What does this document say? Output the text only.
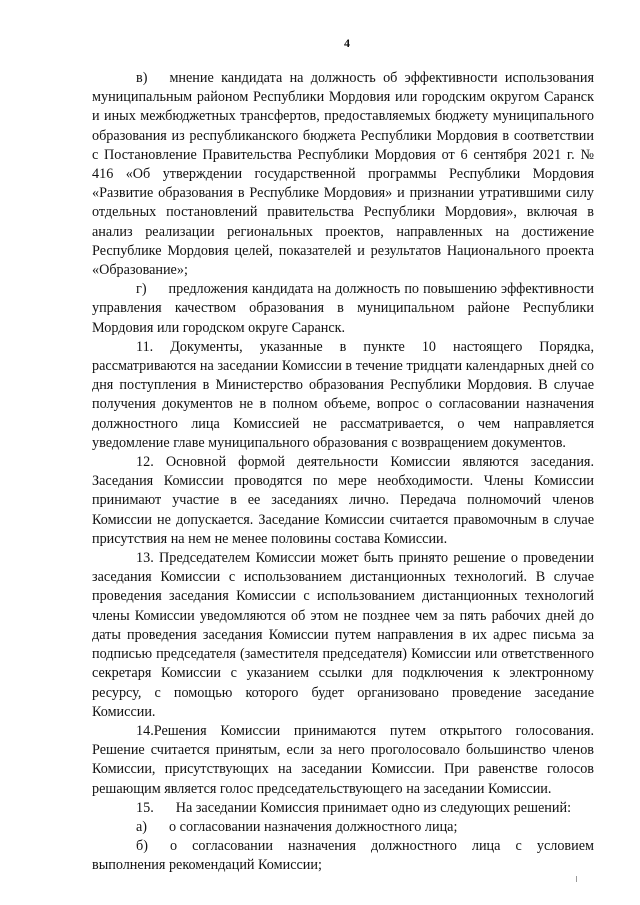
4

в) мнение кандидата на должность об эффективности использования муниципальным районом Республики Мордовия или городским округом Саранск и иных межбюджетных трансфертов, предоставляемых бюджету муниципального образования из республиканского бюджета Республики Мордовия в соответствии с Постановление Правительства Республики Мордовия от 6 сентября 2021 г. № 416 «Об утверждении государственной программы Республики Мордовия «Развитие образования в Республике Мордовия» и признании утратившими силу отдельных постановлений правительства Республики Мордовия», включая в анализ реализации региональных проектов, направленных на достижение Республике Мордовия целей, показателей и результатов Национального проекта «Образование»;

г) предложения кандидата на должность по повышению эффективности управления качеством образования в муниципальном районе Республики Мордовия или городском округе Саранск.

11. Документы, указанные в пункте 10 настоящего Порядка, рассматриваются на заседании Комиссии в течение тридцати календарных дней со дня поступления в Министерство образования Республики Мордовия. В случае получения документов не в полном объеме, вопрос о согласовании назначения должностного лица Комиссией не рассматривается, о чем направляется уведомление главе муниципального образования с возвращением документов.

12. Основной формой деятельности Комиссии являются заседания. Заседания Комиссии проводятся по мере необходимости. Члены Комиссии принимают участие в ее заседаниях лично. Передача полномочий членов Комиссии не допускается. Заседание Комиссии считается правомочным в случае присутствия на нем не менее половины состава Комиссии.

13. Председателем Комиссии может быть принято решение о проведении заседания Комиссии с использованием дистанционных технологий. В случае проведения заседания Комиссии с использованием дистанционных технологий члены Комиссии уведомляются об этом не позднее чем за пять рабочих дней до даты проведения заседания Комиссии путем направления в их адрес письма за подписью председателя (заместителя председателя) Комиссии или ответственного секретаря Комиссии с указанием ссылки для подключения к электронному ресурсу, с помощью которого будет организовано проведение заседание Комиссии.

14.Решения Комиссии принимаются путем открытого голосования. Решение считается принятым, если за него проголосовало большинство членов Комиссии, присутствующих на заседании Комиссии. При равенстве голосов решающим является голос председательствующего на заседании Комиссии.

15. На заседании Комиссия принимает одно из следующих решений:

а) о согласовании назначения должностного лица;

б) о согласовании назначения должностного лица с условием выполнения рекомендаций Комиссии;
